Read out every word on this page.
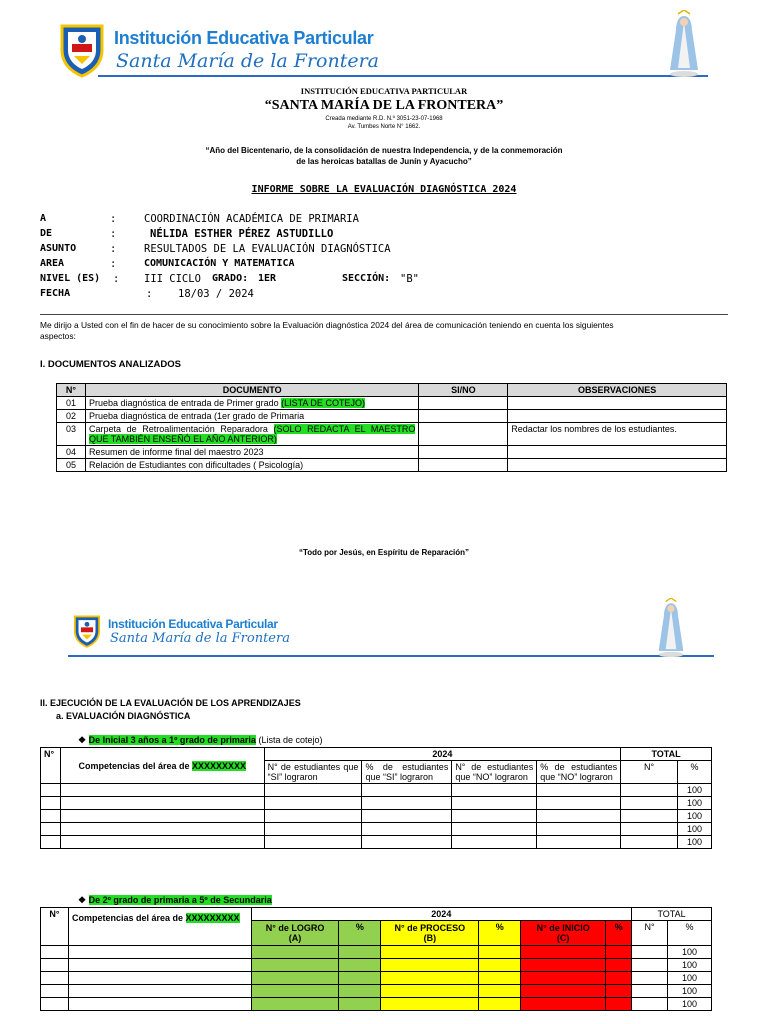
Institución Educativa Particular
Santa María de la Frontera
INSTITUCIÓN EDUCATIVA PARTICULAR
“SANTA MARÍA DE LA FRONTERA”
Creada mediante R.D. N.º 3051-23-07-1968
Av. Tumbes Norte N° 1662.
“Año del Bicentenario, de la consolidación de nuestra Independencia, y de la conmemoración
de las heroicas batallas de Junín y Ayacucho”
INFORME SOBRE LA EVALUACIÓN DIAGNÓSTICA 2024
A	:	COORDINACIÓN ACADÉMICA DE PRIMARIA
DE	:	NÉLIDA ESTHER PÉREZ ASTUDILLO
ASUNTO	:	RESULTADOS DE LA EVALUACIÓN DIAGNÓSTICA
AREA	:	COMUNICACIÓN Y MATEMATICA
NIVEL (ES) : III CICLO GRADO: 1ER	SECCIÓN: "B"
FECHA	: 18/03 / 2024
Me dirijo a Usted con el fin de hacer de su conocimiento sobre la Evaluación diagnóstica 2024 del área de comunicación teniendo en cuenta los siguientes
aspectos:
I. DOCUMENTOS ANALIZADOS
N°	DOCUMENTO	SI/NO	OBSERVACIONES
01	Prueba diagnóstica de entrada de Primer grado (LISTA DE COTEJO)		
02	Prueba diagnóstica de entrada (1er grado de Primaria		
03	Carpeta de Retroalimentación Reparadora (SOLO REDACTA EL MAESTRO QUE TAMBIÉN ENSEÑÓ EL AÑO ANTERIOR)		Redactar los nombres de los estudiantes.
04	Resumen de informe final del maestro 2023		
05	Relación de Estudiantes con dificultades ( Psicología)		
“Todo por Jesús, en Espíritu de Reparación”
Institución Educativa Particular
Santa María de la Frontera
II. EJECUCIÓN DE LA EVALUACIÓN DE LOS APRENDIZAJES
a. EVALUACIÓN DIAGNÓSTICA
❖ De Inicial 3 años a 1º grado de primaria (Lista de cotejo)
N°	Competencias del área de XXXXXXXXX	2024				TOTAL	
		N° de estudiantes que “SI” lograron	% de estudiantes que “SI” lograron	N° de estudiantes que “NO” lograron	% de estudiantes que “NO” lograron	N°	%
							100
							100
							100
							100
							100
❖ De 2º grado de primaria a 5º de Secundaria
N°	Competencias del área de XXXXXXXXX	2024						TOTAL	
		N° de LOGRO (A)	%	N° de PROCESO (B)	%	N° de INICIO (C)	%	N°	%
									100
									100
									100
									100
									100
